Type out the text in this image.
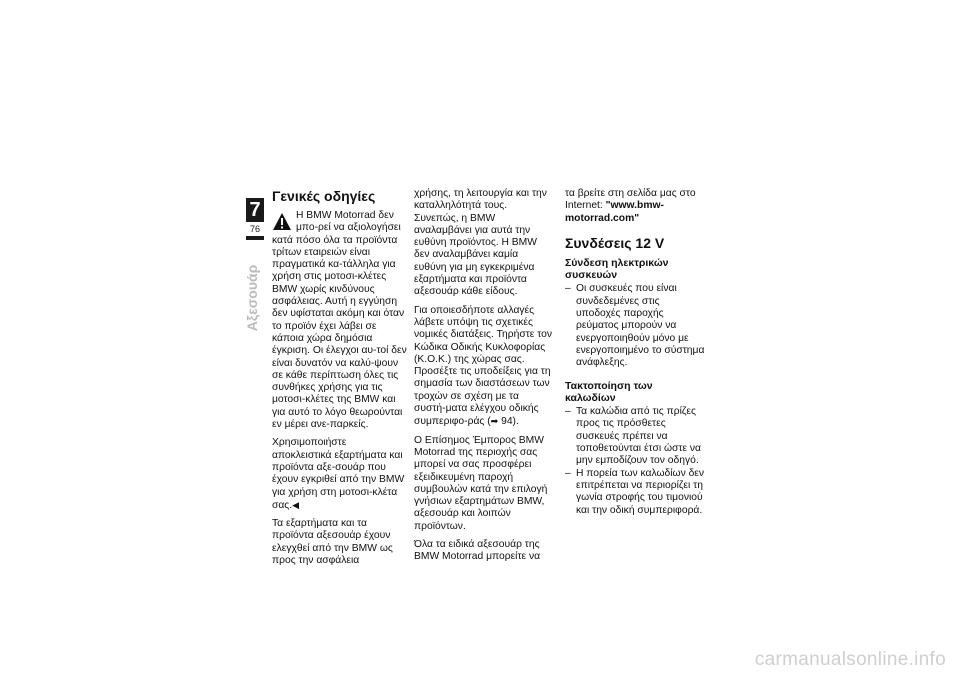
7
76
Αξεσουάρ
Γενικές οδηγίες

Η BMW Motorrad δεν μπο-ρεί να αξιολογήσει κατά πόσο όλα τα προϊόντα τρίτων εταιρειών είναι πραγματικά κα-τάλληλα για χρήση στις μοτοσι-κλέτες BMW χωρίς κινδύνους ασφάλειας. Αυτή η εγγύηση δεν υφίσταται ακόμη και όταν το προϊόν έχει λάβει σε κάποια χώρα δημόσια έγκριση. Οι έλεγχοι αυ-τοί δεν είναι δυνατόν να καλύ-ψουν σε κάθε περίπτωση όλες τις συνθήκες χρήσης για τις μοτοσι-κλέτες της BMW και για αυτό το λόγο θεωρούνται εν μέρει ανε-παρκείς.

Χρησιμοποιήστε αποκλειστικά εξαρτήματα και προϊόντα αξε-σουάρ που έχουν εγκριθεί από την BMW για χρήση στη μοτοσι-κλέτα σας.◀

Τα εξαρτήματα και τα προϊόντα αξεσουάρ έχουν ελεγχθεί από την BMW ως προς την ασφάλεια

χρήσης, τη λειτουργία και την καταλληλότητά τους. Συνεπώς, η BMW αναλαμβάνει για αυτά την ευθύνη προϊόντος. Η BMW δεν αναλαμβάνει καμία ευθύνη για μη εγκεκριμένα εξαρτήματα και προϊόντα αξεσουάρ κάθε είδους.

Για οποιεσδήποτε αλλαγές λάβετε υπόψη τις σχετικές νομικές διατάξεις. Τηρήστε τον Κώδικα Οδικής Κυκλοφορίας (Κ.Ο.Κ.) της χώρας σας.

Προσέξτε τις υποδείξεις για τη σημασία των διαστάσεων των τροχών σε σχέση με τα συστή-ματα ελέγχου οδικής συμπεριφο-ράς (➡ 94).

Ο Επίσημος Έμπορος BMW Motorrad της περιοχής σας μπορεί να σας προσφέρει εξειδικευμένη παροχή συμβουλών κατά την επιλογή γνήσιων εξαρτημάτων BMW, αξεσουάρ και λοιπών προϊόντων.

Όλα τα ειδικά αξεσουάρ της BMW Motorrad μπορείτε να

τα βρείτε στη σελίδα μας στο Internet: "www.bmw-motorrad.com"

Συνδέσεις 12 V
Σύνδεση ηλεκτρικών συσκευών
– Οι συσκευές που είναι συνδεδεμένες στις υποδοχές παροχής ρεύματος μπορούν να ενεργοποιηθούν μόνο με ενεργοποιημένο το σύστημα ανάφλεξης.
Τακτοποίηση των καλωδίων
– Τα καλώδια από τις πρίζες προς τις πρόσθετες συσκευές πρέπει να τοποθετούνται έτσι ώστε να μην εμποδίζουν τον οδηγό.
– Η πορεία των καλωδίων δεν επιτρέπεται να περιορίζει τη γωνία στροφής του τιμονιού και την οδική συμπεριφορά.
carmanualsonline.info
